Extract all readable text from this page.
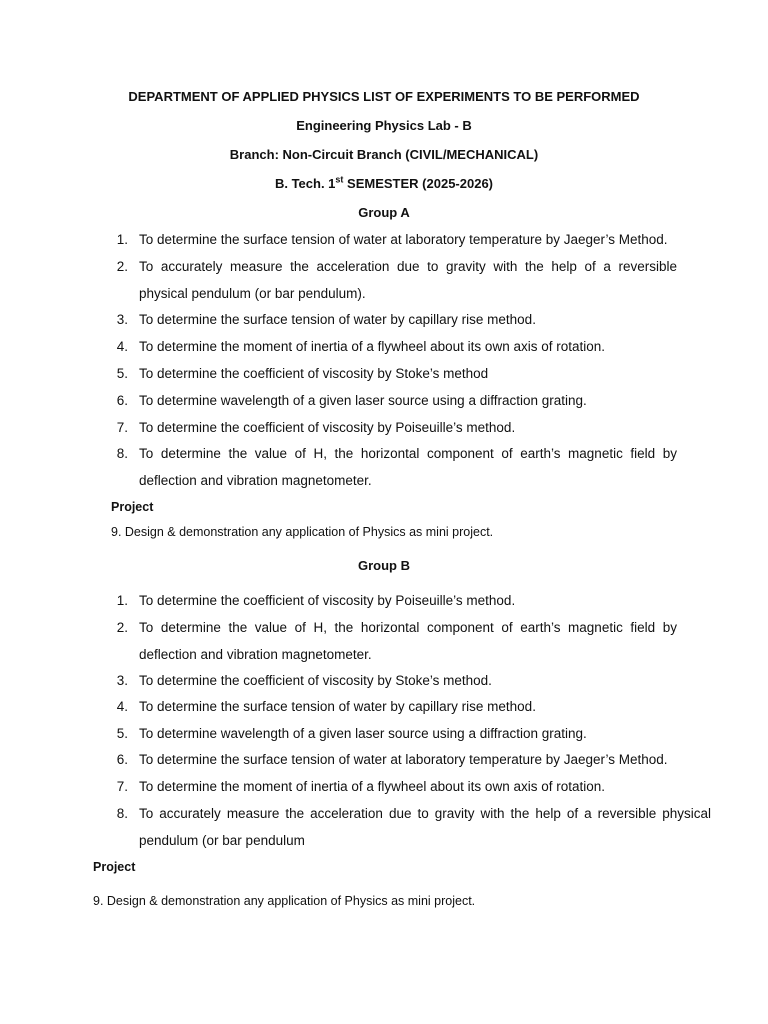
DEPARTMENT OF APPLIED PHYSICS LIST OF EXPERIMENTS TO BE PERFORMED
Engineering Physics Lab - B
Branch: Non-Circuit Branch (CIVIL/MECHANICAL)
B. Tech. 1st SEMESTER (2025-2026)
Group A
1. To determine the surface tension of water at laboratory temperature by Jaeger’s Method.
2. To accurately measure the acceleration due to gravity with the help of a reversible physical pendulum (or bar pendulum).
3. To determine the surface tension of water by capillary rise method.
4. To determine the moment of inertia of a flywheel about its own axis of rotation.
5. To determine the coefficient of viscosity by Stoke’s method
6. To determine wavelength of a given laser source using a diffraction grating.
7. To determine the coefficient of viscosity by Poiseuille’s method.
8. To determine the value of H, the horizontal component of earth’s magnetic field by deflection and vibration magnetometer.
Project
9. Design & demonstration any application of Physics as mini project.
Group B
1. To determine the coefficient of viscosity by Poiseuille’s method.
2. To determine the value of H, the horizontal component of earth’s magnetic field by deflection and vibration magnetometer.
3. To determine the coefficient of viscosity by Stoke’s method.
4. To determine the surface tension of water by capillary rise method.
5. To determine wavelength of a given laser source using a diffraction grating.
6. To determine the surface tension of water at laboratory temperature by Jaeger’s Method.
7. To determine the moment of inertia of a flywheel about its own axis of rotation.
8. To accurately measure the acceleration due to gravity with the help of a reversible physical pendulum (or bar pendulum
Project
9. Design & demonstration any application of Physics as mini project.
